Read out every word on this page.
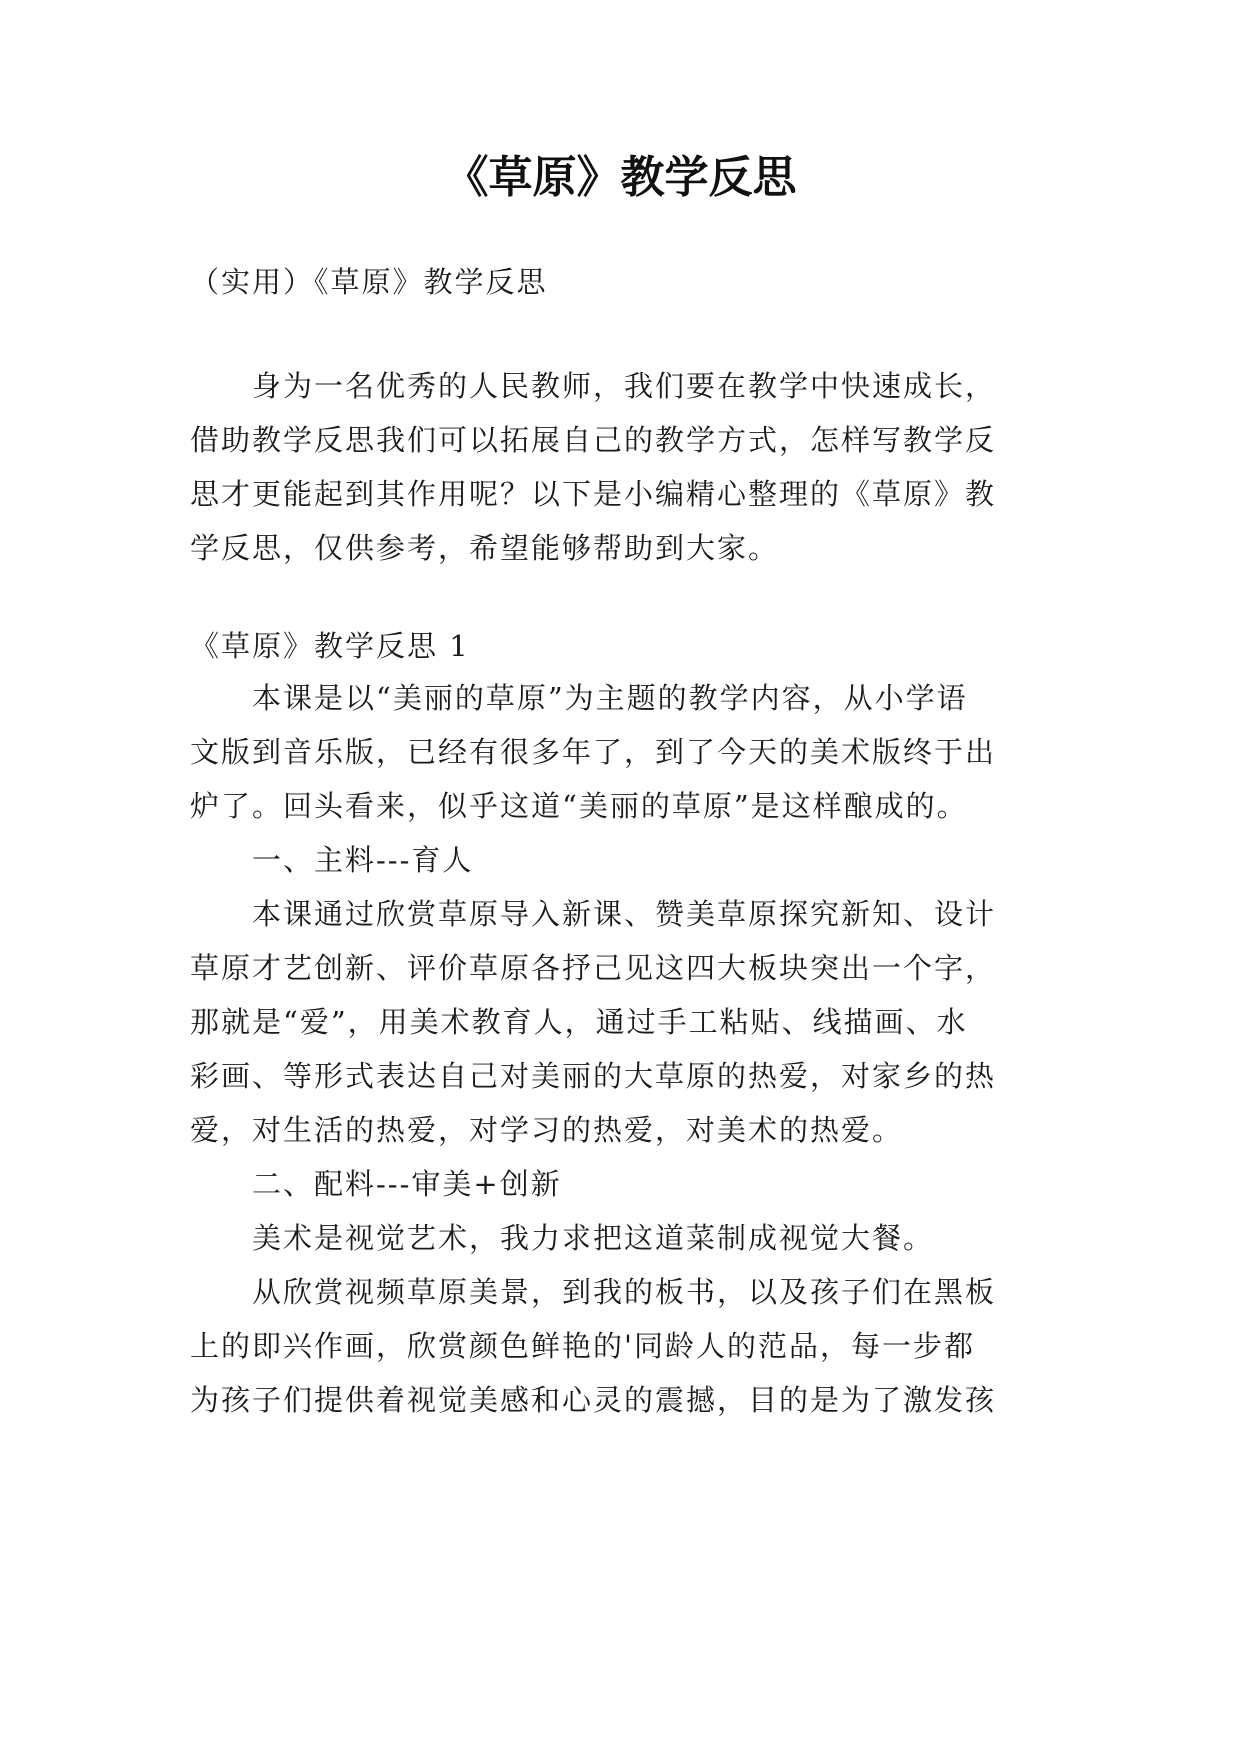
《草原》教学反思
（实用）《草原》教学反思
身为一名优秀的人民教师，我们要在教学中快速成长，
借助教学反思我们可以拓展自己的教学方式，怎样写教学反
思才更能起到其作用呢？以下是小编精心整理的《草原》教
学反思，仅供参考，希望能够帮助到大家。
《草原》教学反思 1
本课是以“美丽的草原”为主题的教学内容，从小学语
文版到音乐版，已经有很多年了，到了今天的美术版终于出
炉了。回头看来，似乎这道“美丽的草原”是这样酿成的。
一、主料---育人
本课通过欣赏草原导入新课、赞美草原探究新知、设计
草原才艺创新、评价草原各抒己见这四大板块突出一个字，
那就是“爱”，用美术教育人，通过手工粘贴、线描画、水
彩画、等形式表达自己对美丽的大草原的热爱，对家乡的热
爱，对生活的热爱，对学习的热爱，对美术的热爱。
二、配料---审美+创新
美术是视觉艺术，我力求把这道菜制成视觉大餐。
从欣赏视频草原美景，到我的板书，以及孩子们在黑板
上的即兴作画，欣赏颜色鲜艳的'同龄人的范品，每一步都
为孩子们提供着视觉美感和心灵的震撼，目的是为了激发孩
